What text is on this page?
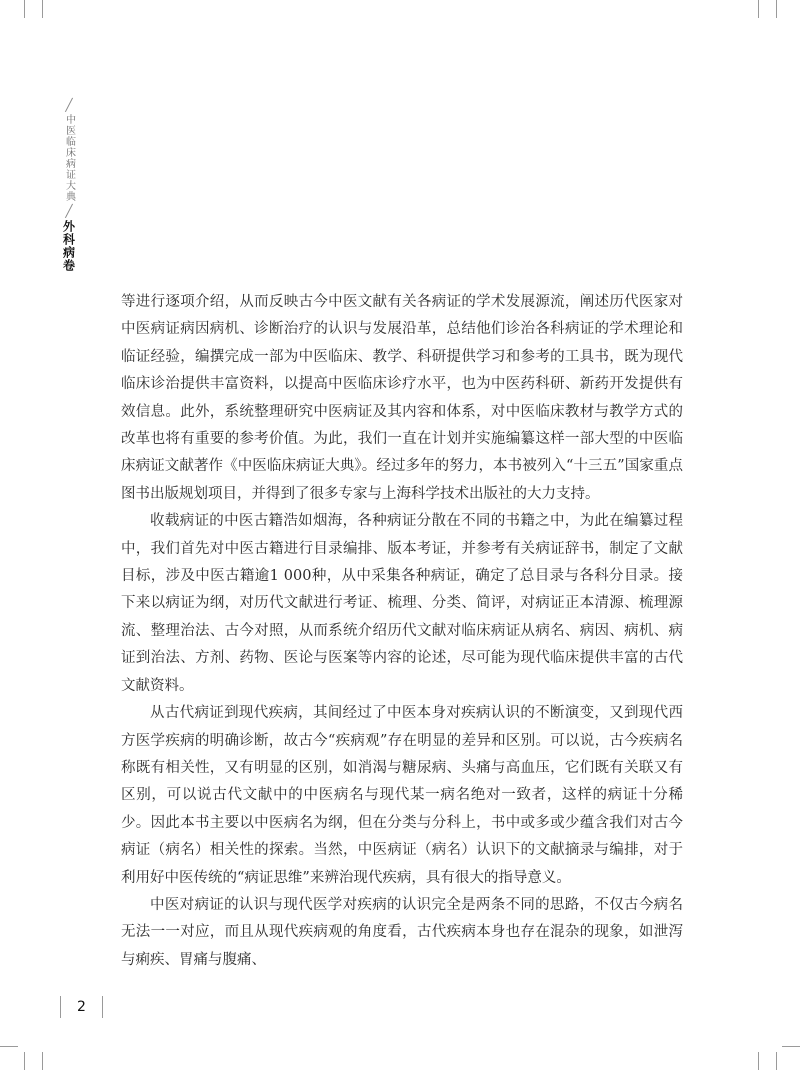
╱
中医临床病证大典
╱
外科病卷

等进行逐项介绍，从而反映古今中医文献有关各病证的学术发展源流，阐述历代医家对中医病证病因病机、诊断治疗的认识与发展沿革，总结他们诊治各科病证的学术理论和临证经验，编撰完成一部为中医临床、教学、科研提供学习和参考的工具书，既为现代临床诊治提供丰富资料，以提高中医临床诊疗水平，也为中医药科研、新药开发提供有效信息。此外，系统整理研究中医病证及其内容和体系，对中医临床教材与教学方式的改革也将有重要的参考价值。为此，我们一直在计划并实施编纂这样一部大型的中医临床病证文献著作《中医临床病证大典》。经过多年的努力，本书被列入“十三五”国家重点图书出版规划项目，并得到了很多专家与上海科学技术出版社的大力支持。

收载病证的中医古籍浩如烟海，各种病证分散在不同的书籍之中，为此在编纂过程中，我们首先对中医古籍进行目录编排、版本考证，并参考有关病证辞书，制定了文献目标，涉及中医古籍逾1 000种，从中采集各种病证，确定了总目录与各科分目录。接下来以病证为纲，对历代文献进行考证、梳理、分类、简评，对病证正本清源、梳理源流、整理治法、古今对照，从而系统介绍历代文献对临床病证从病名、病因、病机、病证到治法、方剂、药物、医论与医案等内容的论述，尽可能为现代临床提供丰富的古代文献资料。

从古代病证到现代疾病，其间经过了中医本身对疾病认识的不断演变，又到现代西方医学疾病的明确诊断，故古今“疾病观”存在明显的差异和区别。可以说，古今疾病名称既有相关性，又有明显的区别，如消渴与糖尿病、头痛与高血压，它们既有关联又有区别，可以说古代文献中的中医病名与现代某一病名绝对一致者，这样的病证十分稀少。因此本书主要以中医病名为纲，但在分类与分科上，书中或多或少蕴含我们对古今病证（病名）相关性的探索。当然，中医病证（病名）认识下的文献摘录与编排，对于利用好中医传统的“病证思维”来辨治现代疾病，具有很大的指导意义。

中医对病证的认识与现代医学对疾病的认识完全是两条不同的思路，不仅古今病名无法一一对应，而且从现代疾病观的角度看，古代疾病本身也存在混杂的现象，如泄泻与痢疾、胃痛与腹痛、

2
